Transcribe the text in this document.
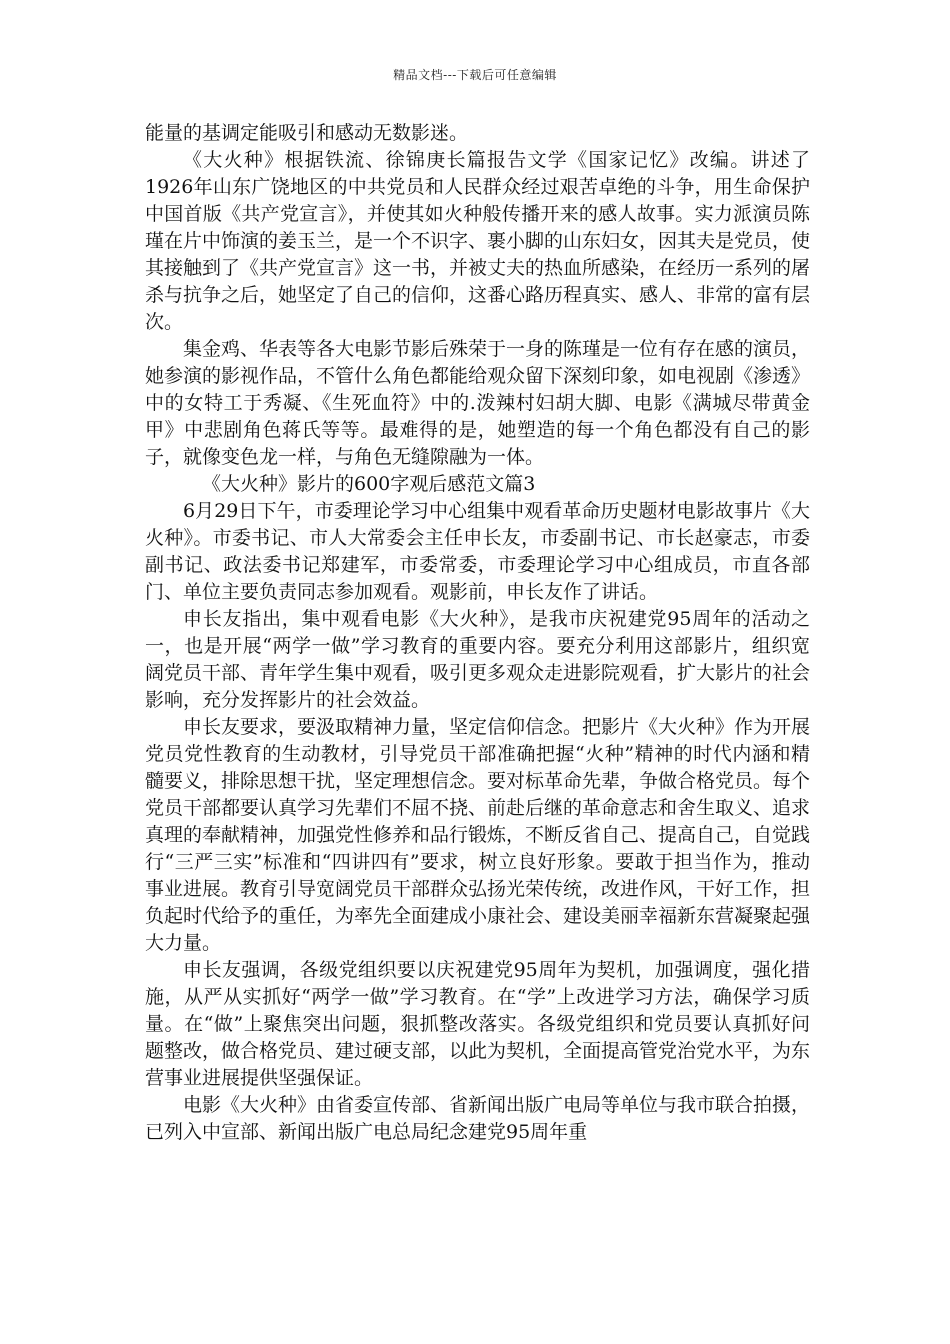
精品文档---下载后可任意编辑

能量的基调定能吸引和感动无数影迷。

《大火种》根据铁流、徐锦庚长篇报告文学《国家记忆》改编。讲述了1926年山东广饶地区的中共党员和人民群众经过艰苦卓绝的斗争，用生命保护中国首版《共产党宣言》，并使其如火种般传播开来的感人故事。实力派演员陈瑾在片中饰演的姜玉兰，是一个不识字、裹小脚的山东妇女，因其夫是党员，使其接触到了《共产党宣言》这一书，并被丈夫的热血所感染，在经历一系列的屠杀与抗争之后，她坚定了自己的信仰，这番心路历程真实、感人、非常的富有层次。

集金鸡、华表等各大电影节影后殊荣于一身的陈瑾是一位有存在感的演员，她参演的影视作品，不管什么角色都能给观众留下深刻印象，如电视剧《渗透》中的女特工于秀凝、《生死血符》中的.泼辣村妇胡大脚、电影《满城尽带黄金甲》中悲剧角色蒋氏等等。最难得的是，她塑造的每一个角色都没有自己的影子，就像变色龙一样，与角色无缝隙融为一体。

《大火种》影片的600字观后感范文篇3

6月29日下午，市委理论学习中心组集中观看革命历史题材电影故事片《大火种》。市委书记、市人大常委会主任申长友，市委副书记、市长赵豪志，市委副书记、政法委书记郑建军，市委常委，市委理论学习中心组成员，市直各部门、单位主要负责同志参加观看。观影前，申长友作了讲话。

申长友指出，集中观看电影《大火种》，是我市庆祝建党95周年的活动之一，也是开展“两学一做”学习教育的重要内容。要充分利用这部影片，组织宽阔党员干部、青年学生集中观看，吸引更多观众走进影院观看，扩大影片的社会影响，充分发挥影片的社会效益。

申长友要求，要汲取精神力量，坚定信仰信念。把影片《大火种》作为开展党员党性教育的生动教材，引导党员干部准确把握“火种”精神的时代内涵和精髓要义，排除思想干扰，坚定理想信念。要对标革命先辈，争做合格党员。每个党员干部都要认真学习先辈们不屈不挠、前赴后继的革命意志和舍生取义、追求真理的奉献精神，加强党性修养和品行锻炼，不断反省自己、提高自己，自觉践行“三严三实”标准和“四讲四有”要求，树立良好形象。要敢于担当作为，推动事业进展。教育引导宽阔党员干部群众弘扬光荣传统，改进作风，干好工作，担负起时代给予的重任，为率先全面建成小康社会、建设美丽幸福新东营凝聚起强大力量。

申长友强调，各级党组织要以庆祝建党95周年为契机，加强调度，强化措施，从严从实抓好“两学一做”学习教育。在“学”上改进学习方法，确保学习质量。在“做”上聚焦突出问题，狠抓整改落实。各级党组织和党员要认真抓好问题整改，做合格党员、建过硬支部，以此为契机，全面提高管党治党水平，为东营事业进展提供坚强保证。

电影《大火种》由省委宣传部、省新闻出版广电局等单位与我市联合拍摄，已列入中宣部、新闻出版广电总局纪念建党95周年重
